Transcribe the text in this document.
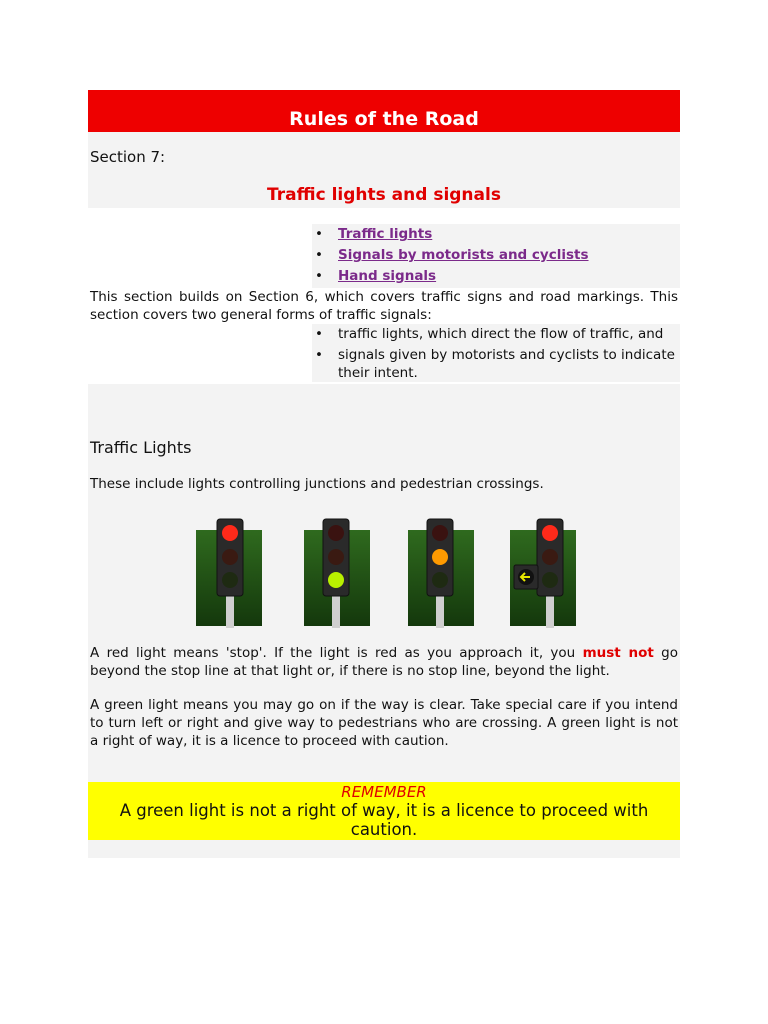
Rules of the Road
Section 7:
Traffic lights and signals
• Traffic lights
• Signals by motorists and cyclists
• Hand signals
This section builds on Section 6, which covers traffic signs and road markings. This section covers two general forms of traffic signals:
• traffic lights, which direct the flow of traffic, and
• signals given by motorists and cyclists to indicate their intent.
Traffic Lights
These include lights controlling junctions and pedestrian crossings.
A red light means 'stop'. If the light is red as you approach it, you must not go beyond the stop line at that light or, if there is no stop line, beyond the light.
A green light means you may go on if the way is clear. Take special care if you intend to turn left or right and give way to pedestrians who are crossing. A green light is not a right of way, it is a licence to proceed with caution.
REMEMBER
A green light is not a right of way, it is a licence to proceed with caution.
